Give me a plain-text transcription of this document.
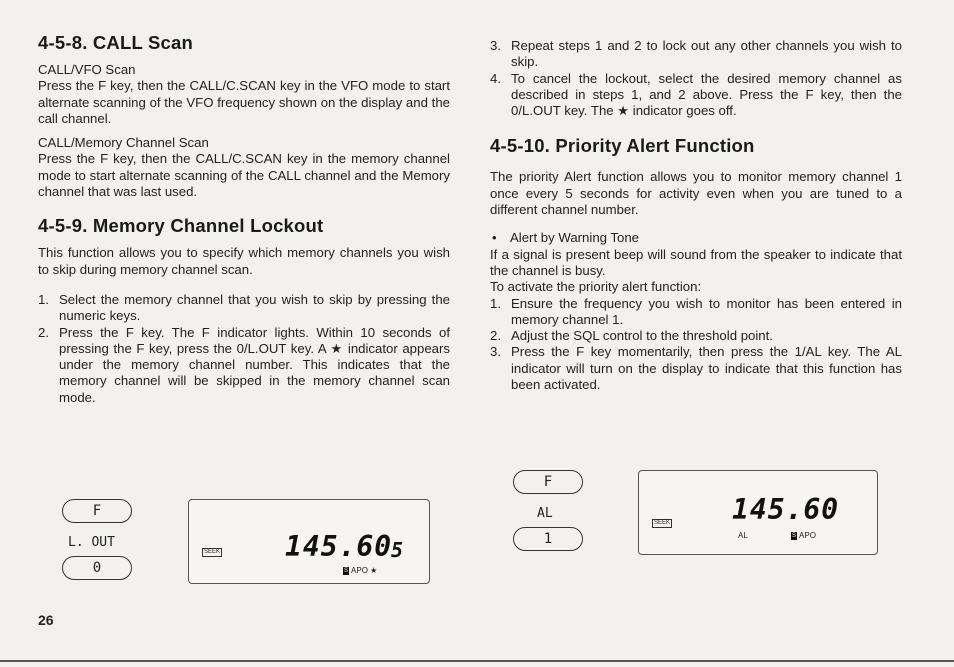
4-5-8. CALL Scan

CALL/VFO Scan

Press the F key, then the CALL/C.SCAN key in the VFO mode to start alternate scanning of the VFO frequency shown on the display and the call channel.

CALL/Memory Channel Scan

Press the F key, then the CALL/C.SCAN key in the memory channel mode to start alternate scanning of the CALL channel and the Memory channel that was last used.

4-5-9. Memory Channel Lockout

This function allows you to specify which memory channels you wish to skip during memory channel scan.

1. Select the memory channel that you wish to skip by pressing the numeric keys.
2. Press the F key. The F indicator lights. Within 10 seconds of pressing the F key, press the 0/L.OUT key. A ★ indicator appears under the memory channel number. This indicates that the memory channel will be skipped in the memory channel scan mode.
F
L. OUT
0
SEEK 145.60
5
S APO ★
3. Repeat steps 1 and 2 to lock out any other channels you wish to skip.
4. To cancel the lockout, select the desired memory channel as described in steps 1, and 2 above. Press the F key, then the 0/L.OUT key. The ★ indicator goes off.
4-5-10. Priority Alert Function

The priority Alert function allows you to monitor memory channel 1 once every 5 seconds for activity even when you are tuned to a different channel number.

• Alert by Warning Tone

If a signal is present beep will sound from the speaker to indicate that the channel is busy.

To activate the priority alert function:

1. Ensure the frequency you wish to monitor has been entered in memory channel 1.
2. Adjust the SQL control to the threshold point.
3. Press the F key momentarily, then press the 1/AL key. The AL indicator will turn on the display to indicate that this function has been activated.
F
AL
1
SEEK 145.60
AL	S APO
26
